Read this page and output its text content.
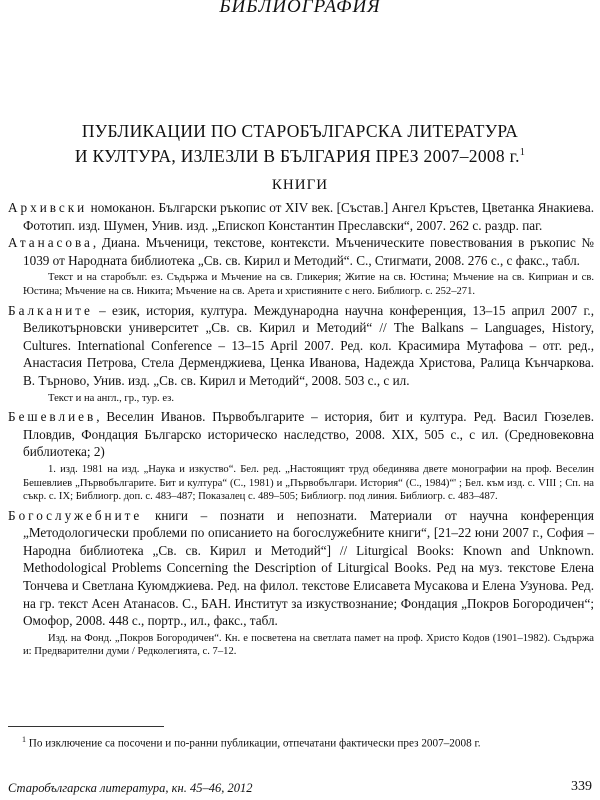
БИБЛИОГРАФИЯ
ПУБЛИКАЦИИ ПО СТАРОБЪЛГАРСКА ЛИТЕРАТУРА
И КУЛТУРА, ИЗЛЕЗЛИ В БЪЛГАРИЯ ПРЕЗ 2007–2008 г.$^1$
КНИГИ

Архивски номоканон. Български ръкопис от XIV век. [Състав.] Ангел Кръстев, Цветанка Янакиева. Фототип. изд. Шумен, Унив. изд. „Епископ Константин Преславски“, 2007. 262 с. раздр. паг.

Атанасова, Диана. Мъченици, текстове, контексти. Мъченическите повествования в ръкопис № 1039 от Народната библиотека „Св. св. Кирил и Методий“. С., Стигмати, 2008. 276 с., с факс., табл.

Текст и на старобълг. ез. Съдържа и Мъчение на св. Гликерия; Житие на св. Юстина; Мъчение на св. Киприан и св. Юстина; Мъчение на св. Никита; Мъчение на св. Арета и християните с него. Библиогр. с. 252–271.

Балканите – език, история, култура. Международна научна конференция, 13–15 април 2007 г., Великотърновски университет „Св. св. Кирил и Методий“ // The Balkans – Languages, History, Cultures. International Conference – 13–15 April 2007. Ред. кол. Красимира Мутафова – отг. ред., Анастасия Петрова, Стела Дерменджиева, Ценка Иванова, Надежда Христова, Ралица Кънчаркова. В. Търново, Унив. изд. „Св. св. Кирил и Методий“, 2008. 503 с., с ил.

Текст и на англ., гр., тур. ез.

Бешевлиев, Веселин Иванов. Първобългарите – история, бит и култура. Ред. Васил Гюзелев. Пловдив, Фондация Българско историческо наследство, 2008. XIX, 505 с., с ил. (Средновековна библиотека; 2)

1. изд. 1981 на изд. „Наука и изкуство“. Бел. ред. „Настоящият труд обединява двете монографии на проф. Веселин Бешевлиев „Първобългарите. Бит и култура“ (С., 1981) и „Първобългари. История“ (С., 1984)“' ; Бел. към изд. с. VIII ; Сп. на съкр. с. IX; Библиогр. доп. с. 483–487; Показалец с. 489–505; Библиогр. под линия. Библиогр. с. 483–487.

Богослужебните книги – познати и непознати. Материали от научна конференция „Методологически проблеми по описанието на богослужебните книги“, [21–22 юни 2007 г., София – Народна библиотека „Св. св. Кирил и Методий“] // Liturgical Books: Known and Unknown. Methodological Problems Concerning the Description of Liturgical Books. Ред на муз. текстове Елена Тончева и Светлана Куюмджиева. Ред. на филол. текстове Елисавета Мусакова и Елена Узунова. Ред. на гр. текст Асен Атанасов. С., БАН. Институт за изкуствознание; Фондация „Покров Богородичен“; Омофор, 2008. 448 с., портр., ил., факс., табл.

Изд. на Фонд. „Покров Богородичен“. Кн. е посветена на светлата памет на проф. Христо Кодов (1901–1982). Съдържа и: Предварителни думи / Редколегията, с. 7–12.

$^1$ По изключение са посочени и по-ранни публикации, отпечатани фактически през 2007–2008 г.
Старобългарска литература, кн. 45–46, 2012	339
